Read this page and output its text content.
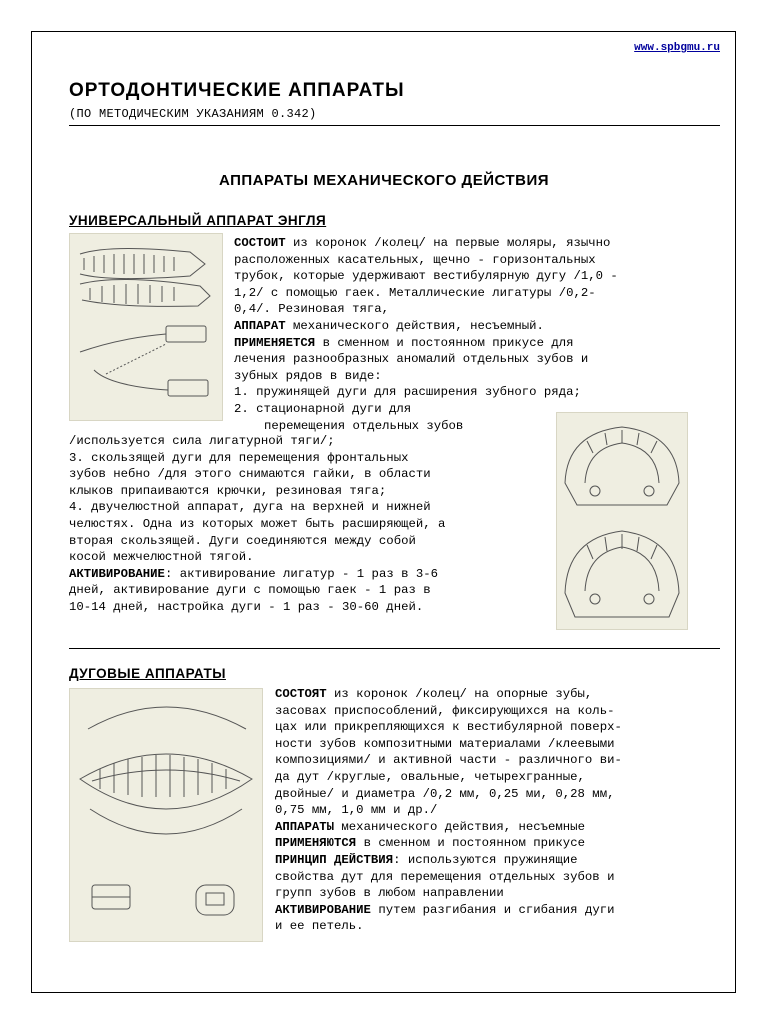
www.spbgmu.ru
ОРТОДОНТИЧЕСКИЕ АППАРАТЫ
(ПО МЕТОДИЧЕСКИМ УКАЗАНИЯМ 0.342)
АППАРАТЫ МЕХАНИЧЕСКОГО ДЕЙСТВИЯ
УНИВЕРСАЛЬНЫЙ АППАРАТ ЭНГЛЯ
СОСТОИТ из коронок /колец/ на первые моляры, язычно
расположенных касательных, щечно - горизонтальных
трубок, которые удерживают вестибулярную дугу /1,0 -
1,2/ с помощью гаек. Металлические лигатуры /0,2-
0,4/. Резиновая тяга,
АППАРАТ механического действия, несъемный.
ПРИМЕНЯЕТСЯ в сменном и постоянном прикусе для
лечения разнообразных аномалий отдельных зубов и
зубных рядов в виде:
1. пружинящей дуги для расширения зубного ряда;
2. стационарной дуги для
перемещения отдельных зубов
/используется сила лигатурной тяги/;
3. скользящей дуги для перемещения фронтальных
зубов небно /для этого снимаются гайки, в области
клыков припаиваются крючки, резиновая тяга;
4. двучелюстной аппарат, дуга на верхней и нижней
челюстях. Одна из которых может быть расширяющей, а
вторая скользящей. Дуги соединяются между собой
косой межчелюстной тягой.
АКТИВИРОВАНИЕ: активирование лигатур - 1 раз в 3-6
дней, активирование дуги с помощью гаек - 1 раз в
10-14 дней, настройка дуги - 1 раз - 30-60 дней.
ДУГОВЫЕ АППАРАТЫ
СОСТОЯТ из коронок /колец/ на опорные зубы,
засовах приспособлений, фиксирующихся на коль-
цах или прикрепляющихся к вестибулярной поверх-
ности зубов композитными материалами /клеевыми
композициями/ и активной части - различного ви-
да дут /круглые, овальные, четырехгранные,
двойные/ и диаметра /0,2 мм, 0,25 ми, 0,28 мм,
0,75 мм, 1,0 мм и др./
АППАРАТЫ механического действия, несъемные
ПРИМЕНЯЮТСЯ в сменном и постоянном прикусе
ПРИНЦИП ДЕЙСТВИЯ: используются пружинящие
свойства дут для перемещения отдельных зубов и
групп зубов в любом направлении
АКТИВИРОВАНИЕ путем разгибания и сгибания дуги
и ее петель.
